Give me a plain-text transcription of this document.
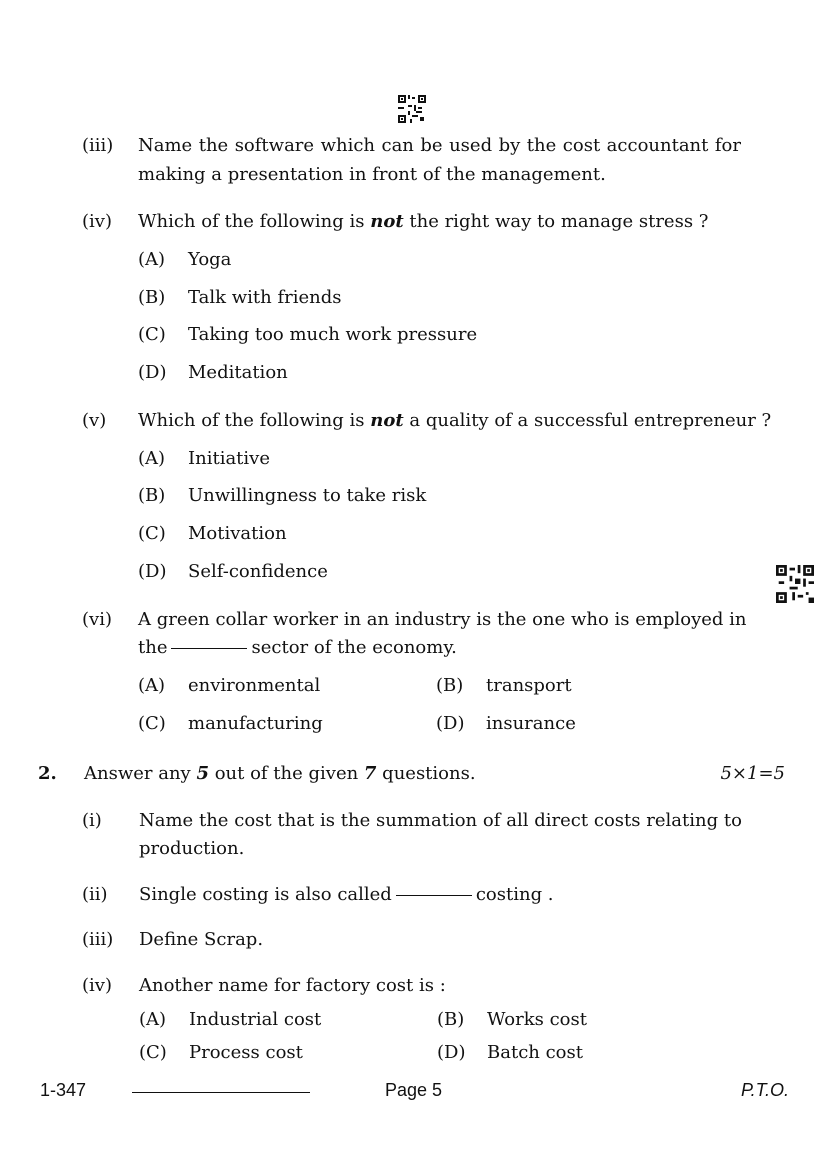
(iii) Name the software which can be used by the cost accountant for
making a presentation in front of the management.
(iv) Which of the following is not the right way to manage stress ?
(A) Yoga
(B) Talk with friends
(C) Taking too much work pressure
(D) Meditation
(v) Which of the following is not a quality of a successful entrepreneur ?
(A) Initiative
(B) Unwillingness to take risk
(C) Motivation
(D) Self-confidence
(vi) A green collar worker in an industry is the one who is employed in
the	sector of the economy.
(A) environmental	(B) transport
(C) manufacturing	(D) insurance
2. Answer any 5 out of the given 7 questions.	5×1=5
(i) Name the cost that is the summation of all direct costs relating to
production.
(ii) Single costing is also called	costing .
(iii) Define Scrap.
(iv) Another name for factory cost is :
(A) Industrial cost	(B) Works cost
(C) Process cost	(D) Batch cost
1-347	Page 5	P.T.O.
